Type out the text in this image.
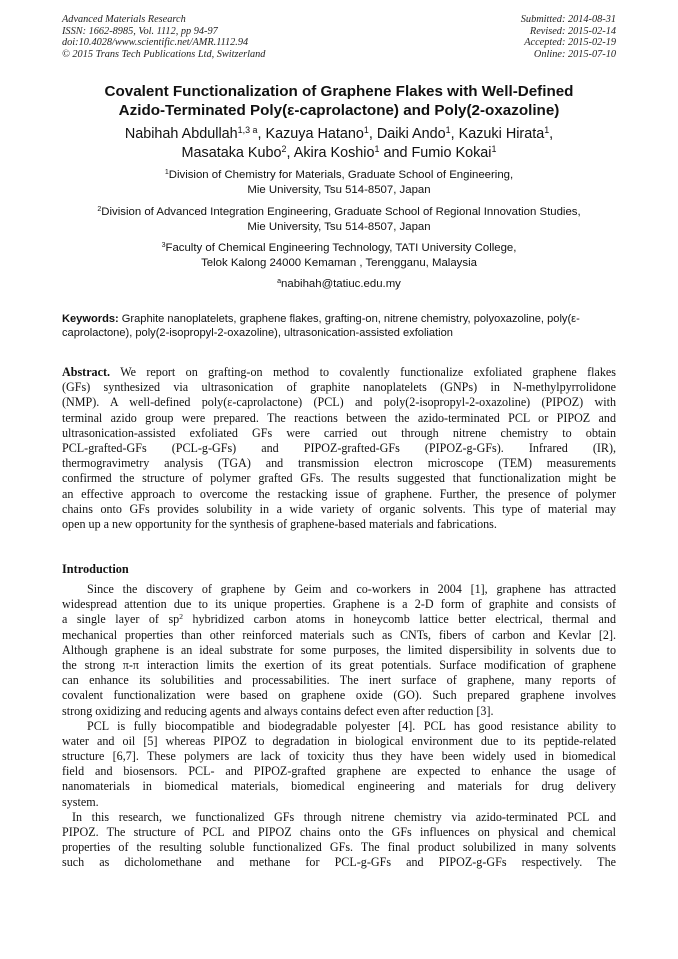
Advanced Materials Research
ISSN: 1662-8985, Vol. 1112, pp 94-97
doi:10.4028/www.scientific.net/AMR.1112.94
© 2015 Trans Tech Publications Ltd, Switzerland
Submitted: 2014-08-31
Revised: 2015-02-14
Accepted: 2015-02-19
Online: 2015-07-10
Covalent Functionalization of Graphene Flakes with Well-Defined
Azido-Terminated Poly(ε-caprolactone) and Poly(2-oxazoline)
Nabihah Abdullah$^{1,3 a}$, Kazuya Hatano$^1$, Daiki Ando$^1$, Kazuki Hirata$^1$,
Masataka Kubo$^2$, Akira Koshio$^1$ and Fumio Kokai$^1$
$^1$Division of Chemistry for Materials, Graduate School of Engineering,
Mie University, Tsu 514-8507, Japan
$^2$Division of Advanced Integration Engineering, Graduate School of Regional Innovation Studies,
Mie University, Tsu 514-8507, Japan
$^3$Faculty of Chemical Engineering Technology, TATI University College,
Telok Kalong 24000 Kemaman , Terengganu, Malaysia
$^a$nabihah@tatiuc.edu.my
Keywords: Graphite nanoplatelets, graphene flakes, grafting-on, nitrene chemistry, polyoxazoline, poly(ε-caprolactone), poly(2-isopropyl-2-oxazoline), ultrasonication-assisted exfoliation
Abstract. We report on grafting-on method to covalently functionalize exfoliated graphene flakes
(GFs) synthesized via ultrasonication of graphite nanoplatelets (GNPs) in N-methylpyrrolidone
(NMP). A well-defined poly(ε-caprolactone) (PCL) and poly(2-isopropyl-2-oxazoline) (PIPOZ) with
terminal azido group were prepared. The reactions between the azido-terminated PCL or PIPOZ and
ultrasonication-assisted exfoliated GFs were carried out through nitrene chemistry to obtain
PCL-grafted-GFs (PCL-g-GFs) and PIPOZ-grafted-GFs (PIPOZ-g-GFs). Infrared (IR),
thermogravimetry analysis (TGA) and transmission electron microscope (TEM) measurements
confirmed the structure of polymer grafted GFs. The results suggested that functionalization might be
an effective approach to overcome the restacking issue of graphene. Further, the presence of polymer
chains onto GFs provides solubility in a wide variety of organic solvents. This type of material may
open up a new opportunity for the synthesis of graphene-based materials and fabrications.
Introduction
Since the discovery of graphene by Geim and co-workers in 2004 [1], graphene has attracted
widespread attention due to its unique properties. Graphene is a 2-D form of graphite and consists of
a single layer of $sp^2$ hybridized carbon atoms in honeycomb lattice better electrical, thermal and
mechanical properties than other reinforced materials such as CNTs, fibers of carbon and Kevlar [2].
Although graphene is an ideal substrate for some purposes, the limited dispersibility in solvents due to
the strong π-π interaction limits the exertion of its great potentials. Surface modification of graphene
can enhance its solubilities and processabilities. The inert surface of graphene, many reports of
covalent functionalization were based on graphene oxide (GO). Such prepared graphene involves
strong oxidizing and reducing agents and always contains defect even after reduction [3].
PCL is fully biocompatible and biodegradable polyester [4]. PCL has good resistance ability to
water and oil [5] whereas PIPOZ to degradation in biological environment due to its peptide-related
structure [6,7]. These polymers are lack of toxicity thus they have been widely used in biomedical
field and biosensors. PCL- and PIPOZ-grafted graphene are expected to enhance the usage of
nanomaterials in biomedical materials, biomedical engineering and materials for drug delivery
system.
In this research, we functionalized GFs through nitrene chemistry via azido-terminated PCL and
PIPOZ. The structure of PCL and PIPOZ chains onto the GFs influences on physical and chemical
properties of the resulting soluble functionalized GFs. The final product solubilized in many solvents
such as dicholomethane and methane for PCL-g-GFs and PIPOZ-g-GFs respectively. The
